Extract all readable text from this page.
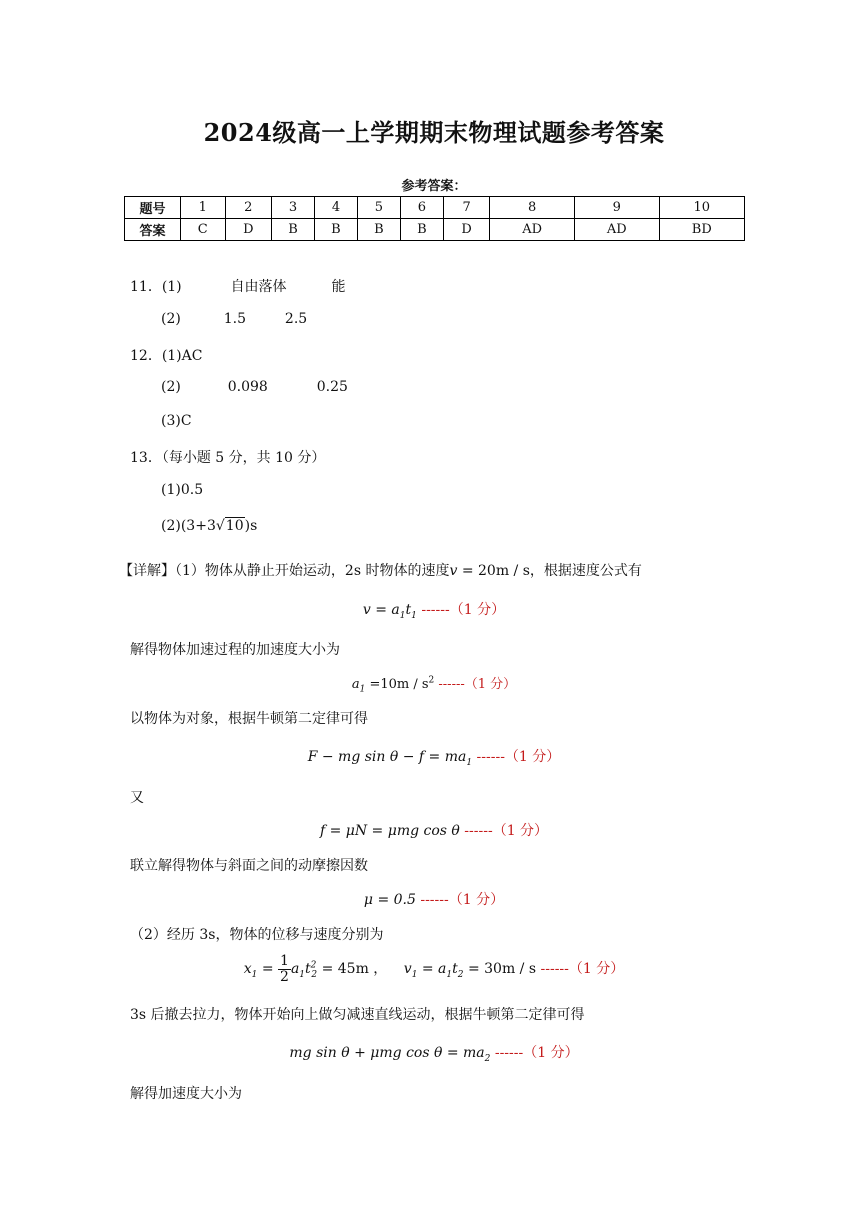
2024级高一上学期期末物理试题参考答案
参考答案：
题号	1	2	3	4	5	6	7	8	9	10
答案	C	D	B	B	B	B	D	AD	AD	BD
11．(1)	自由落体	能
(2)	1.5	2.5
12．(1)AC
(2)	0.098	0.25
(3)C
13．（每小题 5 分，共 10 分）
(1)0.5
(2)(3+3√10)s
【详解】（1）物体从静止开始运动，2s 时物体的速度v = 20m / s，根据速度公式有
$v = a_1t_1$ ------（1 分）
解得物体加速过程的加速度大小为
$a_1 =10m / s^2$ ------（1 分）
以物体为对象，根据牛顿第二定律可得
F − mg $\sin \theta - f = ma_1$ ------（1 分）
又
f = μN = μmg cos θ ------（1 分）
联立解得物体与斜面之间的动摩擦因数
μ = 0.5 ------（1 分）
（2）经历 3s，物体的位移与速度分别为
$x_1 = \frac{1}{2} a_1t^2_2 = 45m$ ， $v_1 = a_1t_2 = 30m / s$ ------（1 分）
3s 后撤去拉力，物体开始向上做匀减速直线运动，根据牛顿第二定律可得
mg sin θ + μmg $\cos \theta = ma_2$ ------（1 分）
解得加速度大小为
